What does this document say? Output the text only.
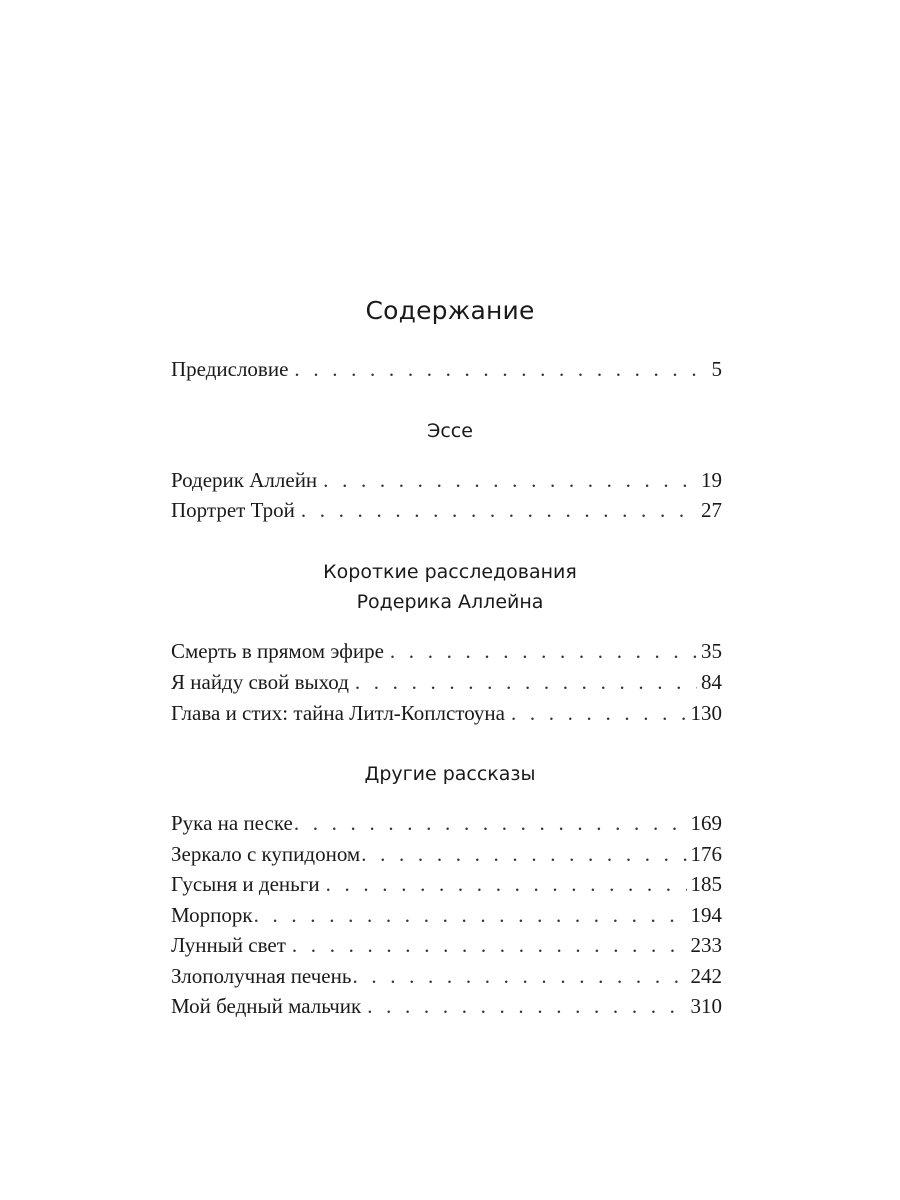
Содержание
Предисловие . . .	5
Эссе
Родерик Аллейн . . .	19
Портрет Трой . . .	27
Короткие расследования
Родерика Аллейна
Смерть в прямом эфире . . .	35
Я найду свой выход . . .	84
Глава и стих: тайна Литл-Коплстоуна . . .	130
Другие рассказы
Рука на песке . . .	169
Зеркало с купидоном . . .	176
Гусыня и деньги . . .	185
Морпорк . . .	194
Лунный свет . . .	233
Злополучная печень . . .	242
Мой бедный мальчик . . .	310
